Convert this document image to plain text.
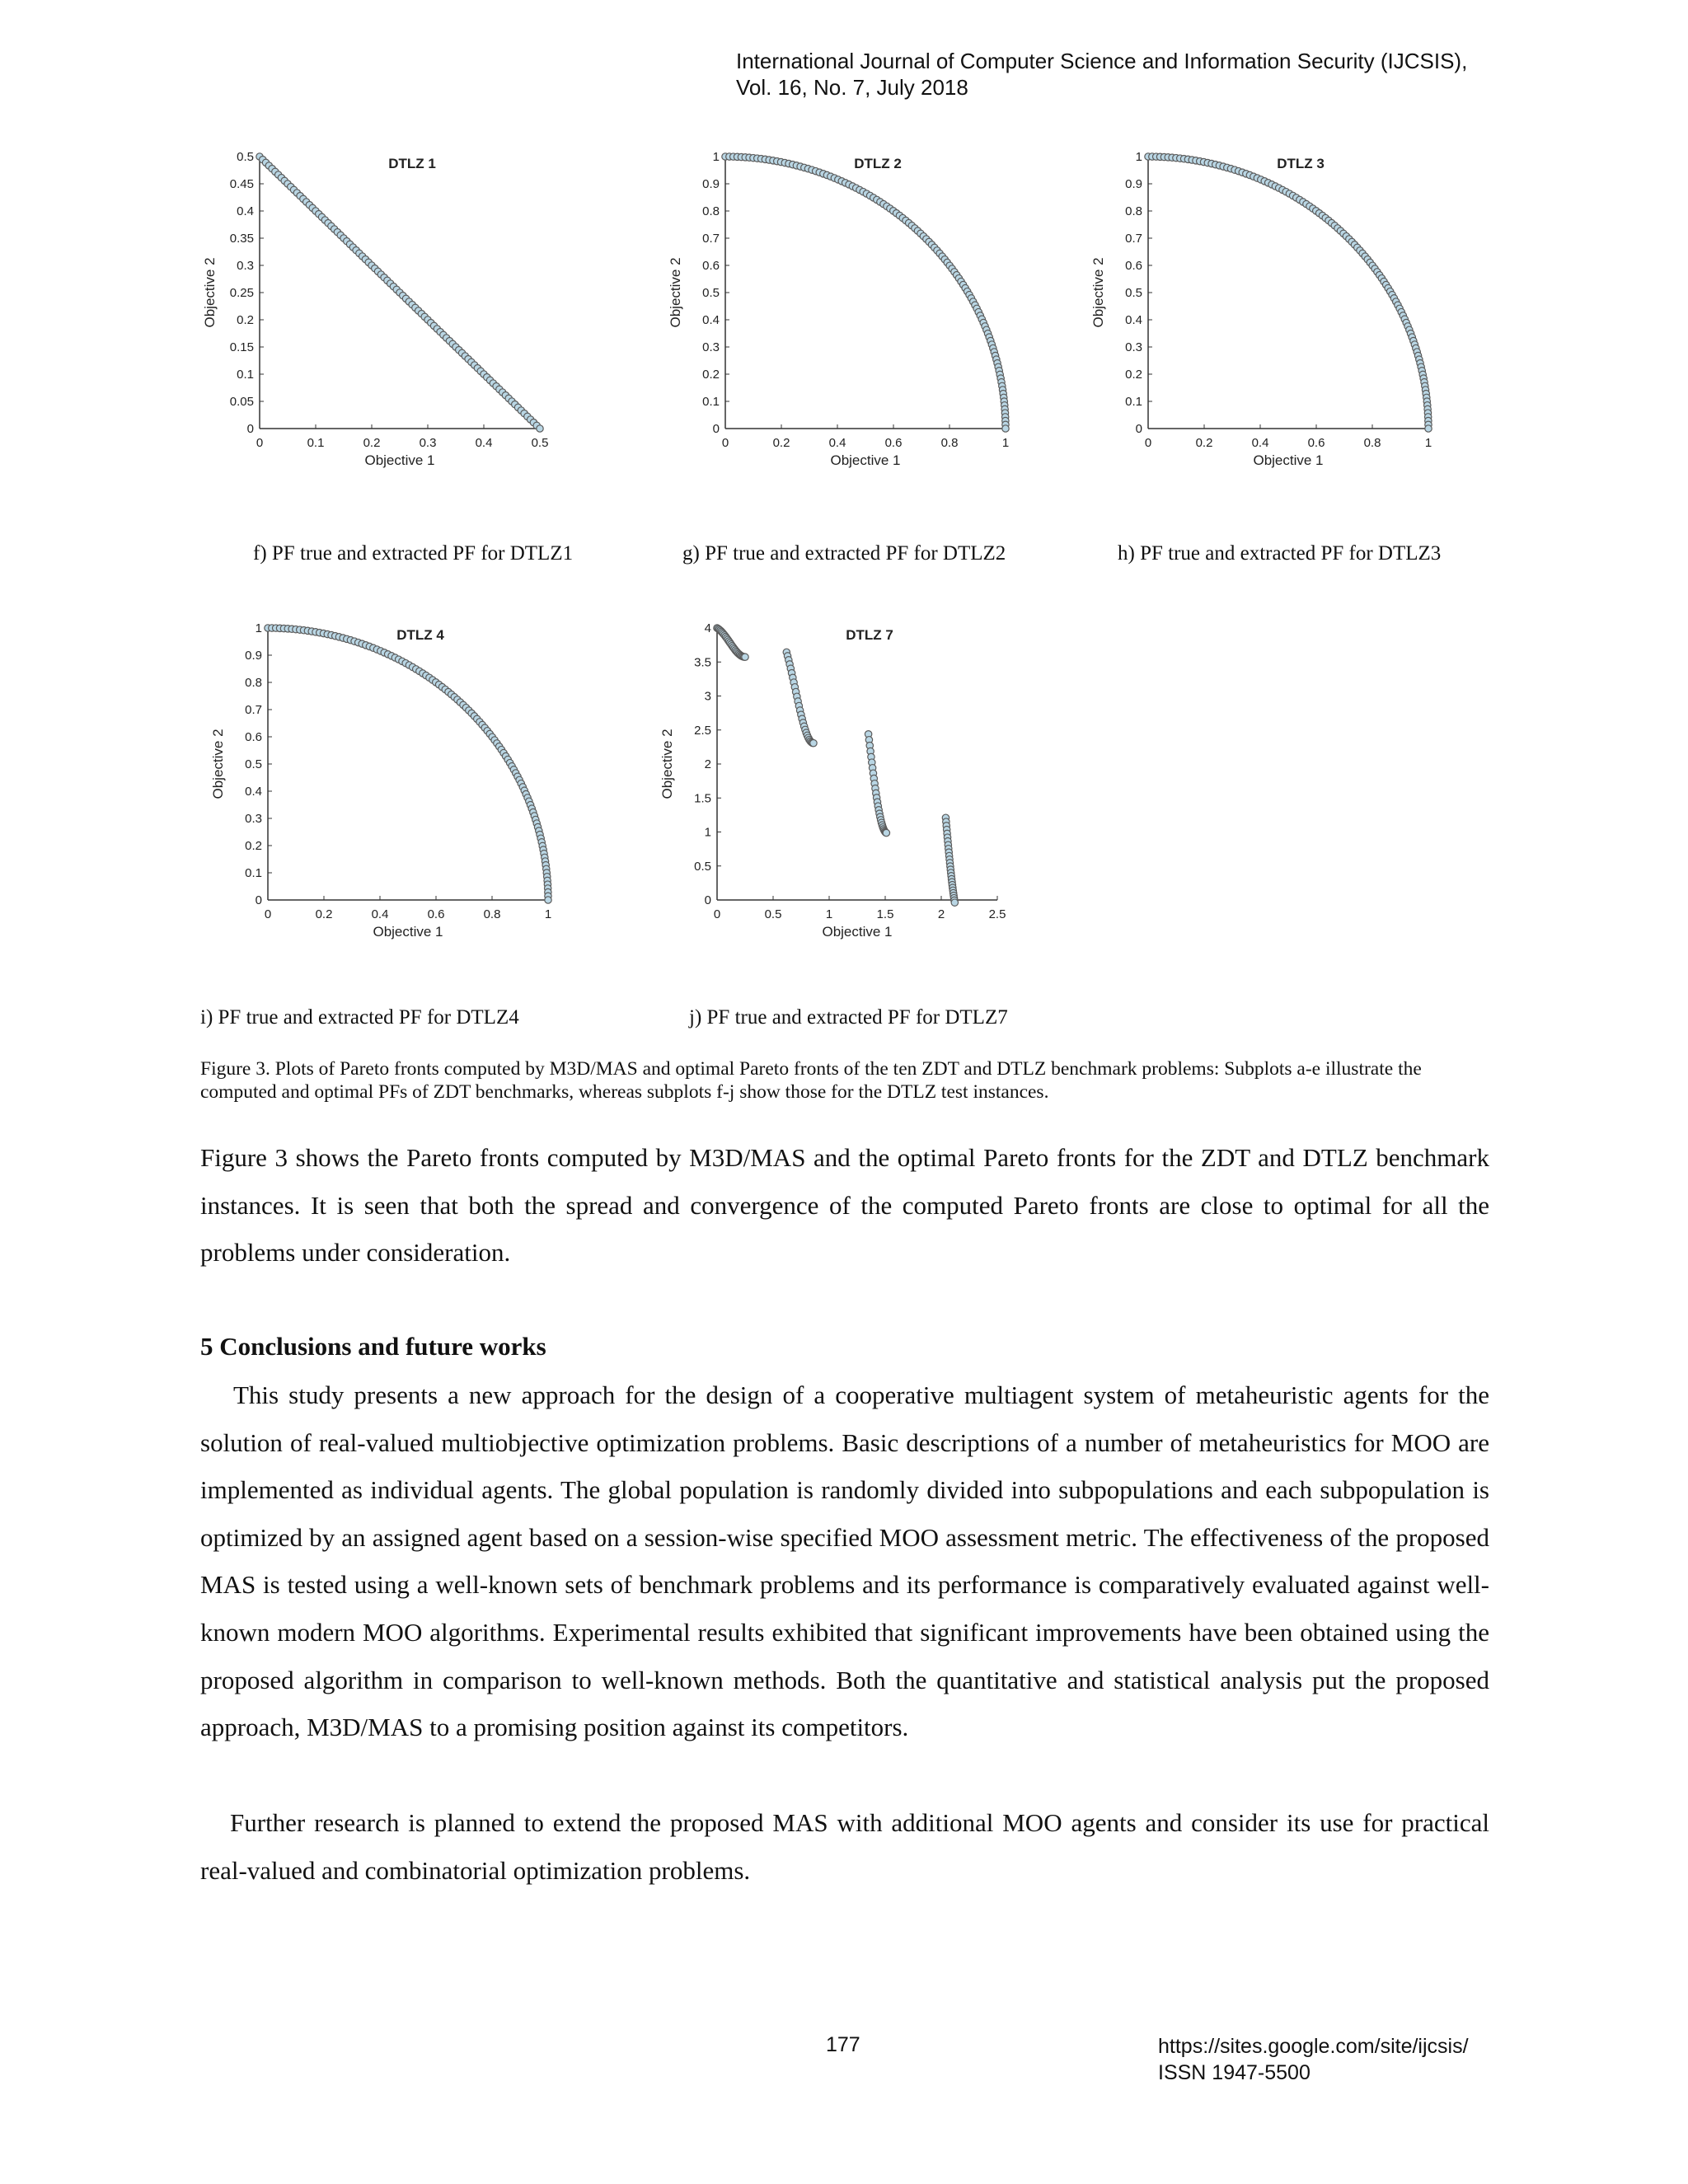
International Journal of Computer Science and Information Security (IJCSIS),
Vol. 16, No. 7, July 2018
0	0.1	0.2	0.3	0.4	0.5
0
0.05
0.1
0.15
0.2
0.25
0.3
0.35
0.4
0.45
0.5	DTLZ 1
Objective 1
Objective 2
0	0.2	0.4	0.6	0.8	1
0
0.1
0.2
0.3
0.4
0.5
0.6
0.7
0.8
0.9
1	DTLZ 2
Objective 1
Objective 2
0	0.2	0.4	0.6	0.8	1
0
0.1
0.2
0.3
0.4
0.5
0.6
0.7
0.8
0.9
1	DTLZ 3
Objective 1
Objective 2
0	0.2	0.4	0.6	0.8	1
0
0.1
0.2
0.3
0.4
0.5
0.6
0.7
0.8
0.9
1	DTLZ 4
Objective 1
Objective 2
0	0.5	1	1.5	2	2.5
0
0.5
1
1.5
2
2.5
3
3.5
4	DTLZ 7
Objective 1
Objective 2
f) PF true and extracted PF for DTLZ1	g) PF true and extracted PF for DTLZ2	h) PF true and extracted PF for DTLZ3
i) PF true and extracted PF for DTLZ4	j) PF true and extracted PF for DTLZ7
Figure 3. Plots of Pareto fronts computed by M3D/MAS and optimal Pareto fronts of the ten ZDT and DTLZ benchmark problems: Subplots a-e illustrate the computed and optimal PFs of ZDT benchmarks, whereas subplots f-j show those for the DTLZ test instances.
Figure 3 shows the Pareto fronts computed by M3D/MAS and the optimal Pareto fronts for the ZDT and DTLZ benchmark instances. It is seen that both the spread and convergence of the computed Pareto fronts are close to optimal for all the problems under consideration.
5 Conclusions and future works
This study presents a new approach for the design of a cooperative multiagent system of metaheuristic agents for the solution of real-valued multiobjective optimization problems. Basic descriptions of a number of metaheuristics for MOO are implemented as individual agents. The global population is randomly divided into subpopulations and each subpopulation is optimized by an assigned agent based on a session-wise specified MOO assessment metric. The effectiveness of the proposed MAS is tested using a well-known sets of benchmark problems and its performance is comparatively evaluated against well-known modern MOO algorithms. Experimental results exhibited that significant improvements have been obtained using the proposed algorithm in comparison to well-known methods. Both the quantitative and statistical analysis put the proposed approach, M3D/MAS to a promising position against its competitors.
Further research is planned to extend the proposed MAS with additional MOO agents and consider its use for practical real-valued and combinatorial optimization problems.
177	https://sites.google.com/site/ijcsis/
ISSN 1947-5500
